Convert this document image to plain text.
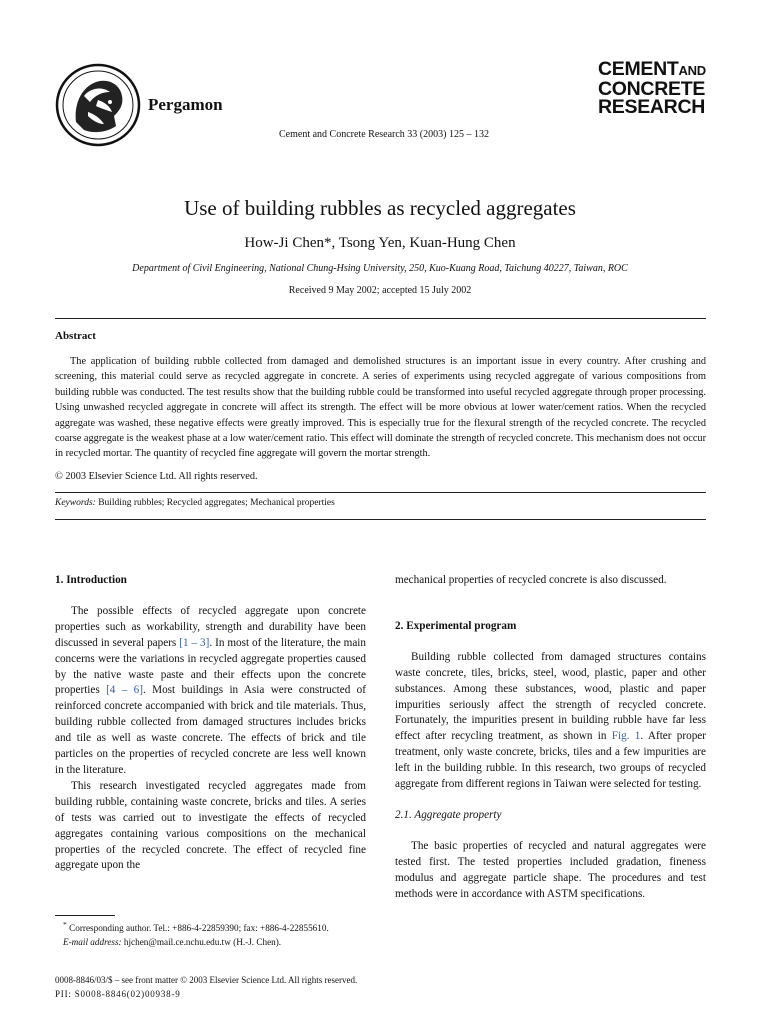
Pergamon
Cement and Concrete Research 33 (2003) 125 – 132
CEMENTAND
CONCRETE
RESEARCH
Use of building rubbles as recycled aggregates
How-Ji Chen*, Tsong Yen, Kuan-Hung Chen
Department of Civil Engineering, National Chung-Hsing University, 250, Kuo-Kuang Road, Taichung 40227, Taiwan, ROC
Received 9 May 2002; accepted 15 July 2002
Abstract

The application of building rubble collected from damaged and demolished structures is an important issue in every country. After crushing and screening, this material could serve as recycled aggregate in concrete. A series of experiments using recycled aggregate of various compositions from building rubble was conducted. The test results show that the building rubble could be transformed into useful recycled aggregate through proper processing. Using unwashed recycled aggregate in concrete will affect its strength. The effect will be more obvious at lower water/cement ratios. When the recycled aggregate was washed, these negative effects were greatly improved. This is especially true for the flexural strength of the recycled concrete. The recycled coarse aggregate is the weakest phase at a low water/cement ratio. This effect will dominate the strength of recycled concrete. This mechanism does not occur in recycled mortar. The quantity of recycled fine aggregate will govern the mortar strength.

© 2003 Elsevier Science Ltd. All rights reserved.
Keywords: Building rubbles; Recycled aggregates; Mechanical properties
1. Introduction

The possible effects of recycled aggregate upon concrete properties such as workability, strength and durability have been discussed in several papers [1 – 3]. In most of the literature, the main concerns were the variations in recycled aggregate properties caused by the native waste paste and their effects upon the concrete properties [4 – 6]. Most buildings in Asia were constructed of reinforced concrete accompanied with brick and tile materials. Thus, building rubble collected from damaged structures includes bricks and tile as well as waste concrete. The effects of brick and tile particles on the properties of recycled concrete are less well known in the literature.

This research investigated recycled aggregates made from building rubble, containing waste concrete, bricks and tiles. A series of tests was carried out to investigate the effects of recycled aggregates containing various compositions on the mechanical properties of the recycled concrete. The effect of recycled fine aggregate upon the

mechanical properties of recycled concrete is also discussed.

2. Experimental program

Building rubble collected from damaged structures contains waste concrete, tiles, bricks, steel, wood, plastic, paper and other substances. Among these substances, wood, plastic and paper impurities seriously affect the strength of recycled concrete. Fortunately, the impurities present in building rubble have far less effect after recycling treatment, as shown in Fig. 1. After proper treatment, only waste concrete, bricks, tiles and a few impurities are left in the building rubble. In this research, two groups of recycled aggregate from different regions in Taiwan were selected for testing.

2.1. Aggregate property

The basic properties of recycled and natural aggregates were tested first. The tested properties included gradation, fineness modulus and aggregate particle shape. The procedures and test methods were in accordance with ASTM specifications.

* Corresponding author. Tel.: +886-4-22859390; fax: +886-4-22855610.
E-mail address: hjchen@mail.ce.nchu.edu.tw (H.-J. Chen).
0008-8846/03/$ – see front matter © 2003 Elsevier Science Ltd. All rights reserved.
PII: S0008-8846(02)00938-9
